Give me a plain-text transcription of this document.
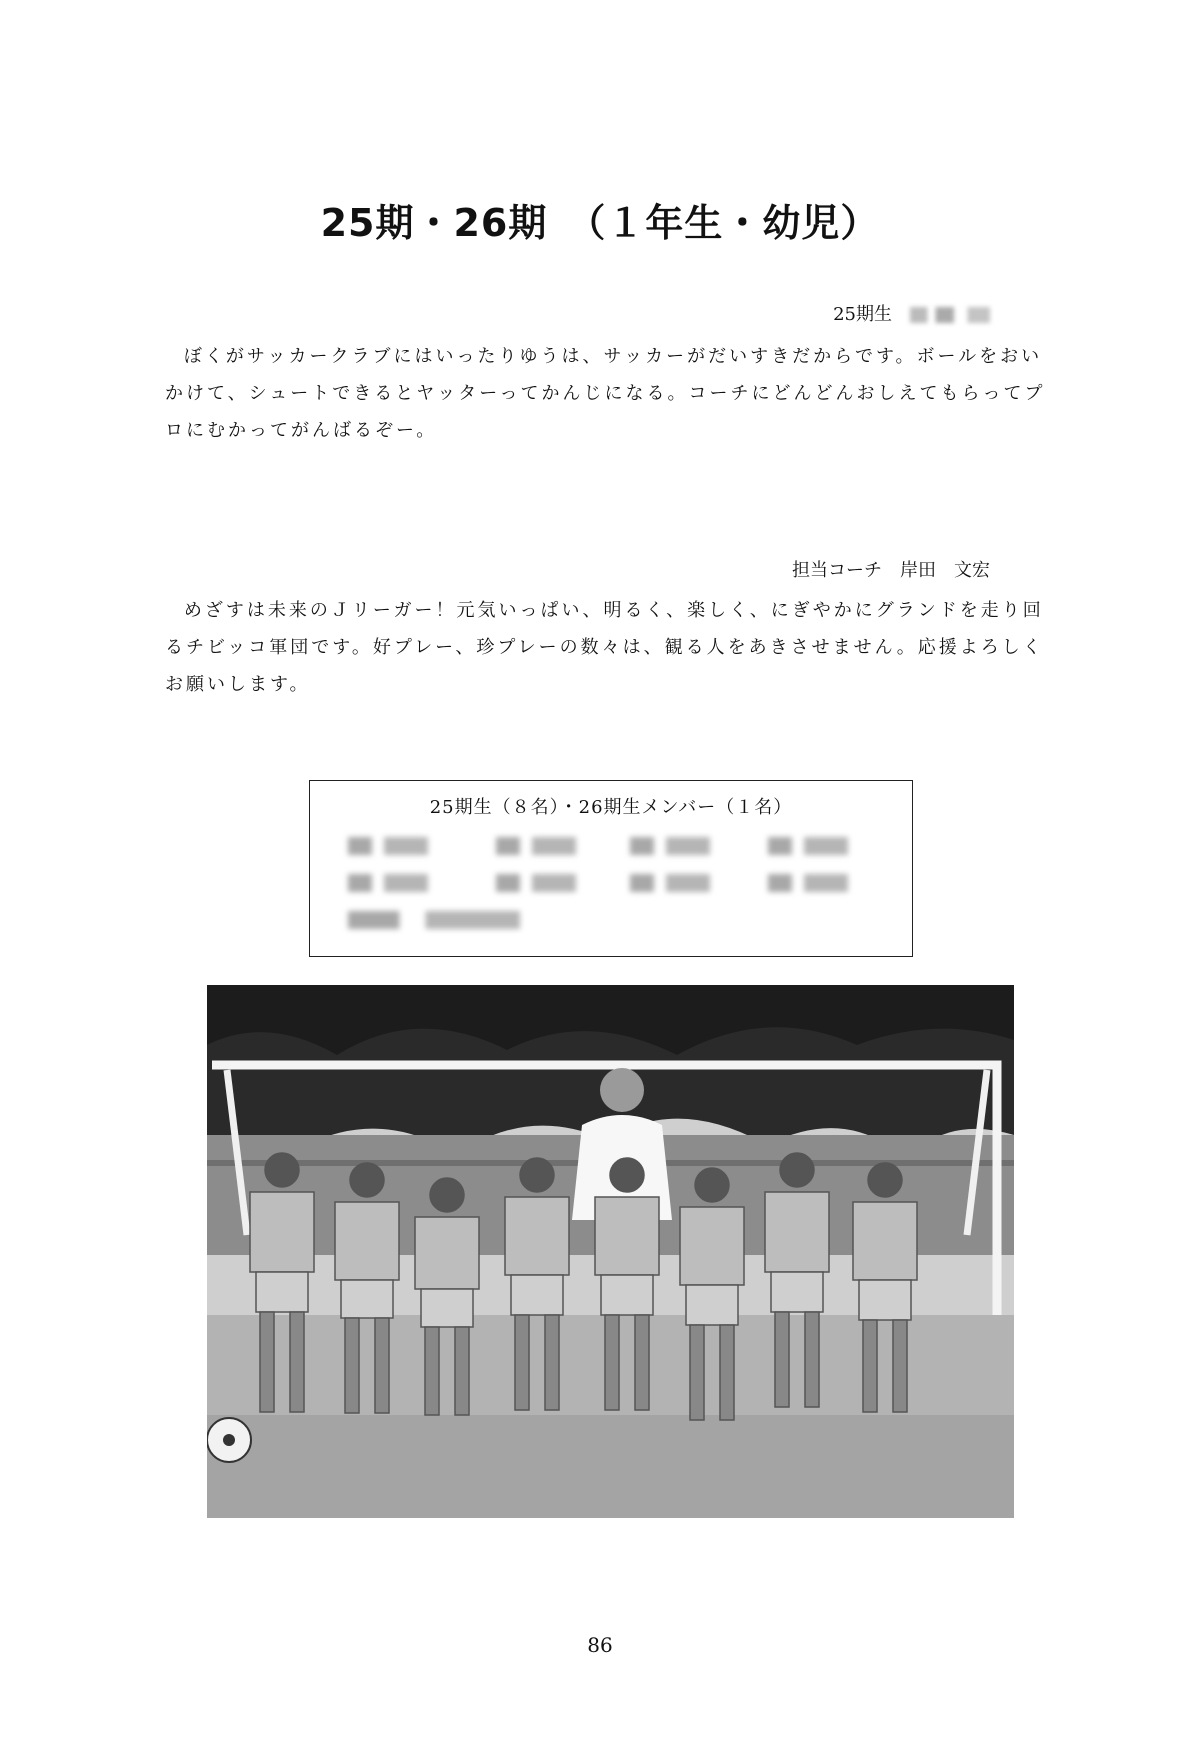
25期・26期　（１年生・幼児）
25期生

ぼくがサッカークラブにはいったりゆうは、サッカーがだいすきだからです。ボールをおいかけて、シュートできるとヤッターってかんじになる。コーチにどんどんおしえてもらってプロにむかってがんばるぞー。

担当コーチ　岸田　文宏

めざすは未来のＪリーガー！元気いっぱい、明るく、楽しく、にぎやかにグランドを走り回るチビッコ軍団です。好プレー、珍プレーの数々は、観る人をあきさせません。応援よろしくお願いします。

25期生（８名）・26期生メンバー（１名）
86
